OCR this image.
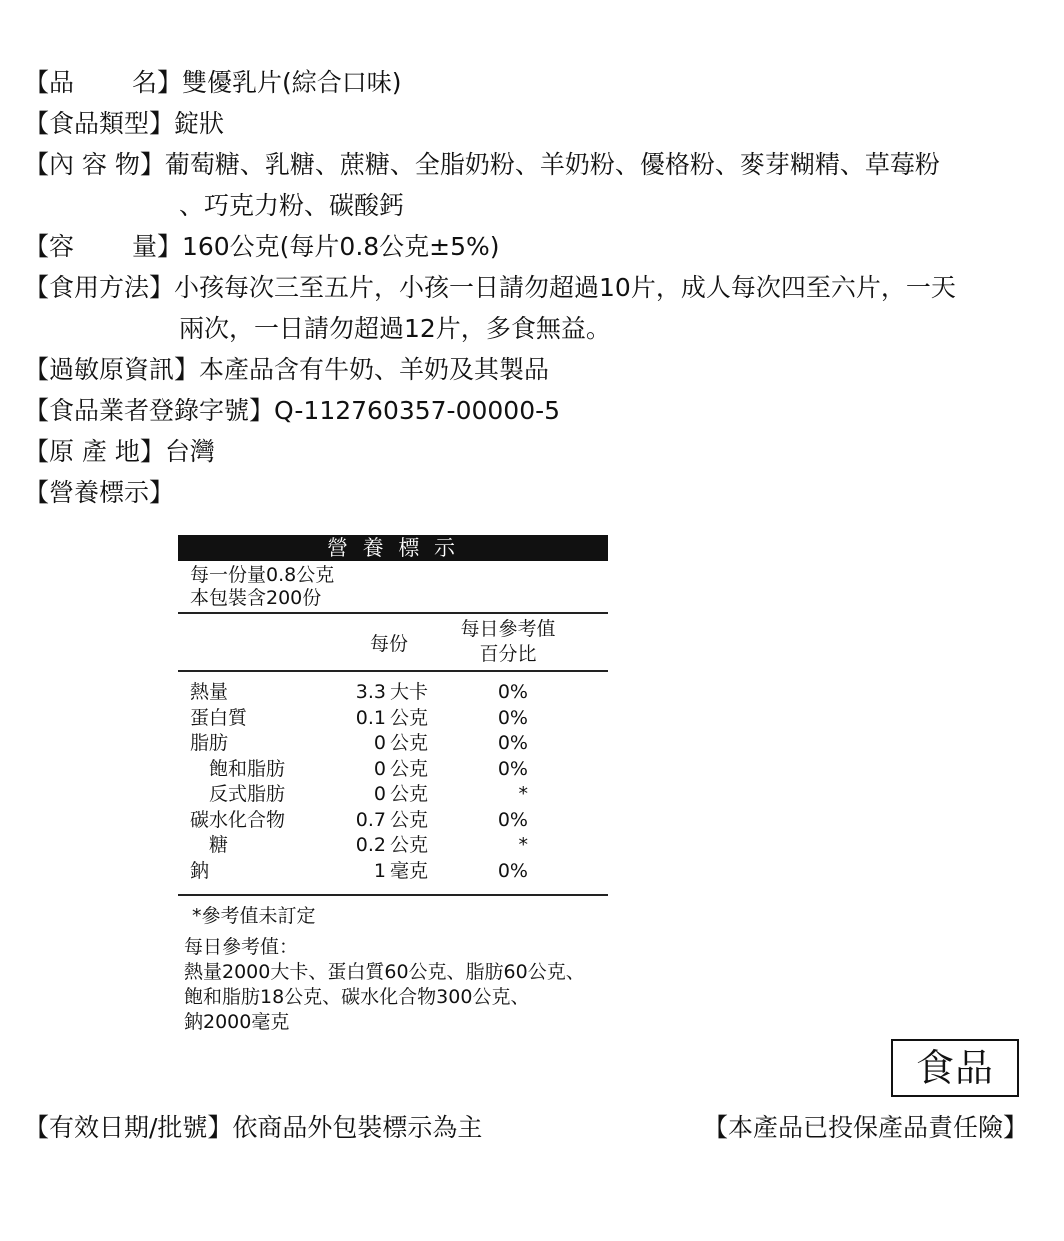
【品　　 名】 雙優乳片(綜合口味)
【食品類型】 錠狀
【內 容 物】 葡萄糖、乳糖、蔗糖、全脂奶粉、羊奶粉、優格粉、麥芽糊精、草莓粉
、巧克力粉、碳酸鈣
【容　　 量】 160公克(每片0.8公克±5%)
【食用方法】 小孩每次三至五片，小孩一日請勿超過10片，成人每次四至六片，一天
兩次，一日請勿超過12片，多食無益。
【過敏原資訊】 本產品含有牛奶、羊奶及其製品
【食品業者登錄字號】 Q-112760357-00000-5
【原 產 地】 台灣
【營養標示】
營 養 標 示
每一份量0.8公克
本包裝含200份
每份
每日參考值
百分比
熱量	3.3 大卡	0%
蛋白質	0.1 公克	0%
脂肪	0 公克	0%
　飽和脂肪	0 公克	0%
　反式脂肪	0 公克	*
碳水化合物	0.7 公克	0%
　糖	0.2 公克	*
鈉	1 毫克	0%
*參考值未訂定
每日參考值：
熱量2000大卡、蛋白質60公克、脂肪60公克、
飽和脂肪18公克、碳水化合物300公克、
鈉2000毫克
食品
【有效日期/批號】依商品外包裝標示為主	【本產品已投保產品責任險】
